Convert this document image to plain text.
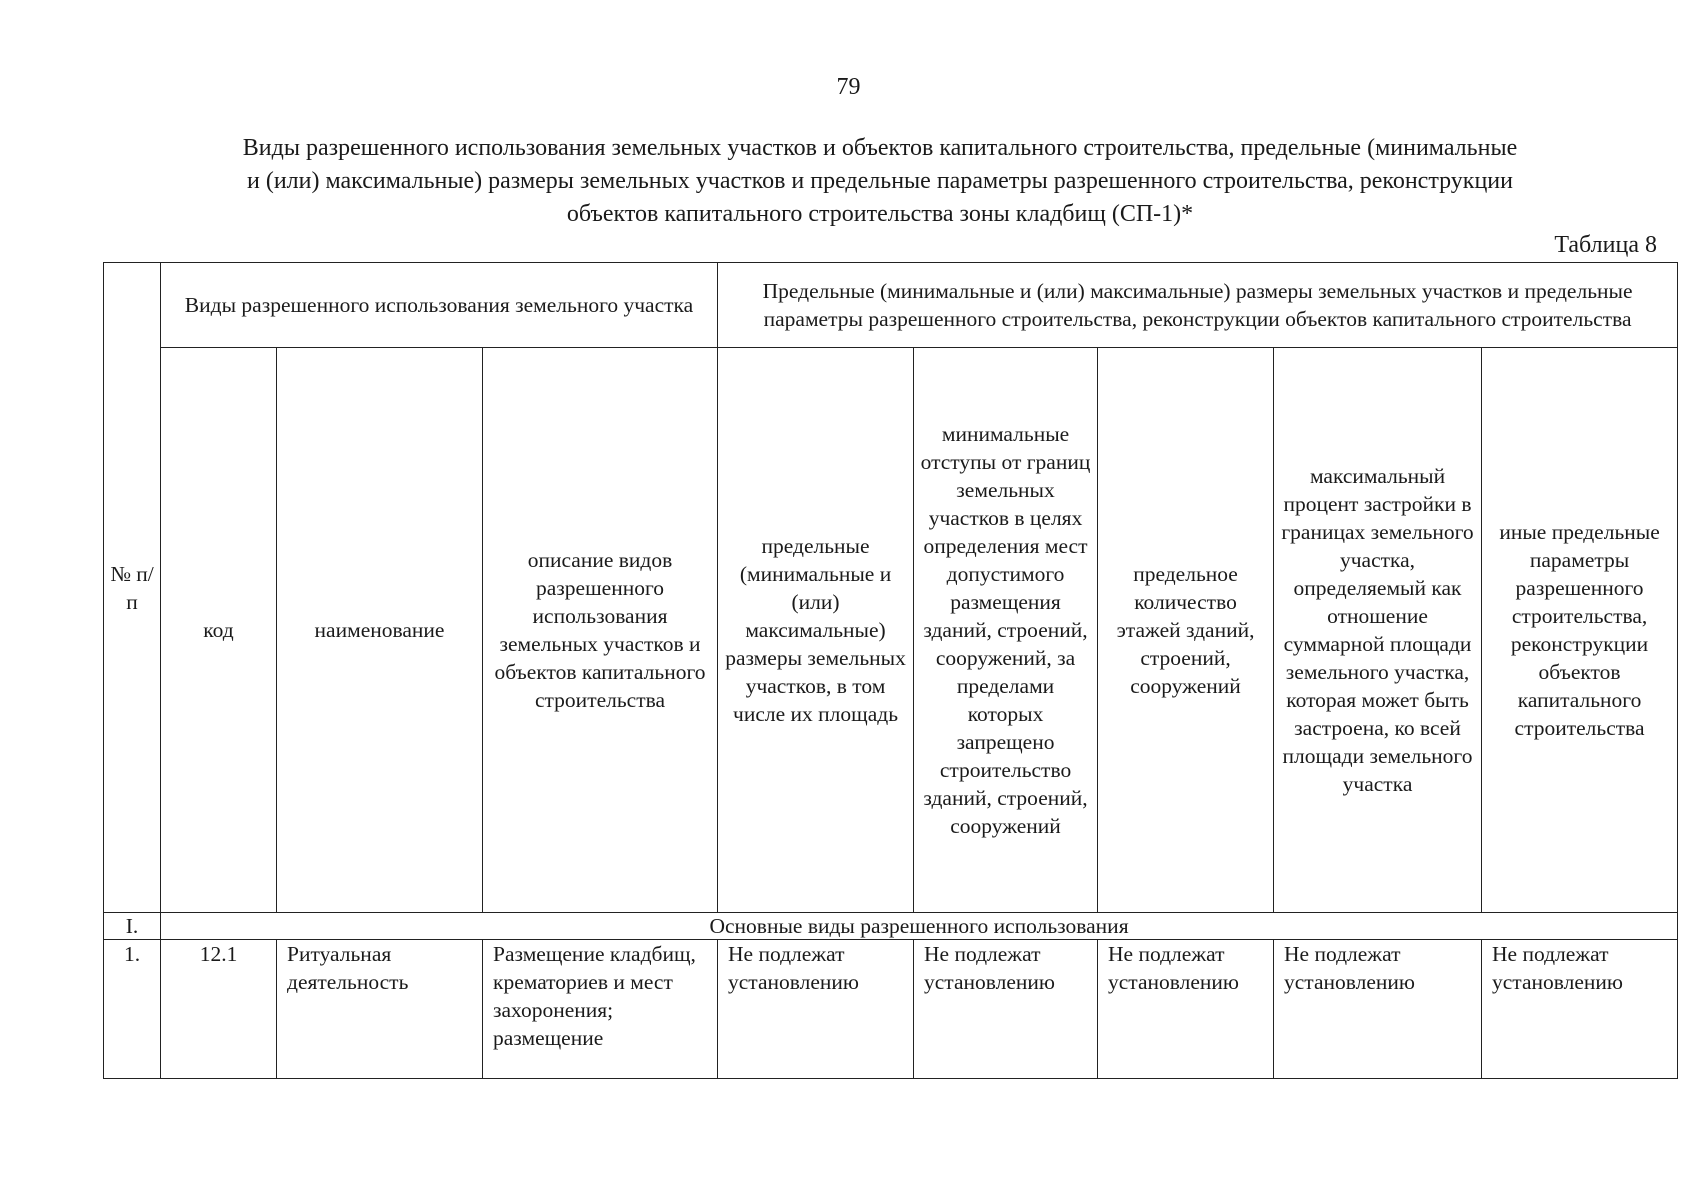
79
Виды разрешенного использования земельных участков и объектов капитального строительства, предельные (минимальные
и (или) максимальные) размеры земельных участков и предельные параметры разрешенного строительства, реконструкции
объектов капитального строительства зоны кладбищ (СП-1)*
Таблица 8
№ п/п	Виды разрешенного использования земельного участка			Предельные (минимальные и (или) максимальные) размеры земельных участков и предельные параметры разрешенного строительства, реконструкции объектов капитального строительства				
	код	наименование	описание видов разрешенного использования земельных участков и объектов капитального строительства	предельные (минимальные и (или) максимальные) размеры земельных участков, в том числе их площадь	минимальные отступы от границ земельных участков в целях определения мест допустимого размещения зданий, строений, сооружений, за пределами которых запрещено строительство зданий, строений, сооружений	предельное количество этажей зданий, строений, сооружений	максимальный процент застройки в границах земельного участка, определяемый как отношение суммарной площади земельного участка, которая может быть застроена, ко всей площади земельного участка	иные предельные параметры разрешенного строительства, реконструкции объектов капитального строительства
I.	Основные виды разрешенного использования							
1.	12.1	Ритуальная деятельность	Размещение кладбищ, крематориев и мест захоронения; размещение	Не подлежат установлению	Не подлежат установлению	Не подлежат установлению	Не подлежат установлению	Не подлежат установлению
